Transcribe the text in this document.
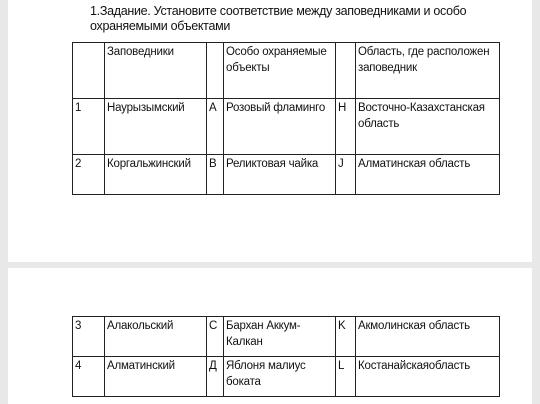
1.Задание. Установите соответствие между заповедниками и особо охраняемыми объектами
	Заповедники		Особо охраняемые объекты		Область, где расположен заповедник
1	Наурызымский	A	Розовый фламинго	H	Восточно-Казахстанская область
2	Коргальжинский	B	Реликтовая чайка	J	Алматинская область
3	Алакольский	C	Бархан Аккум-Калкан	K	Акмолинская область
4	Алматинский	Д	Яблоня малиус боката	L	Костанайскаяобласть
